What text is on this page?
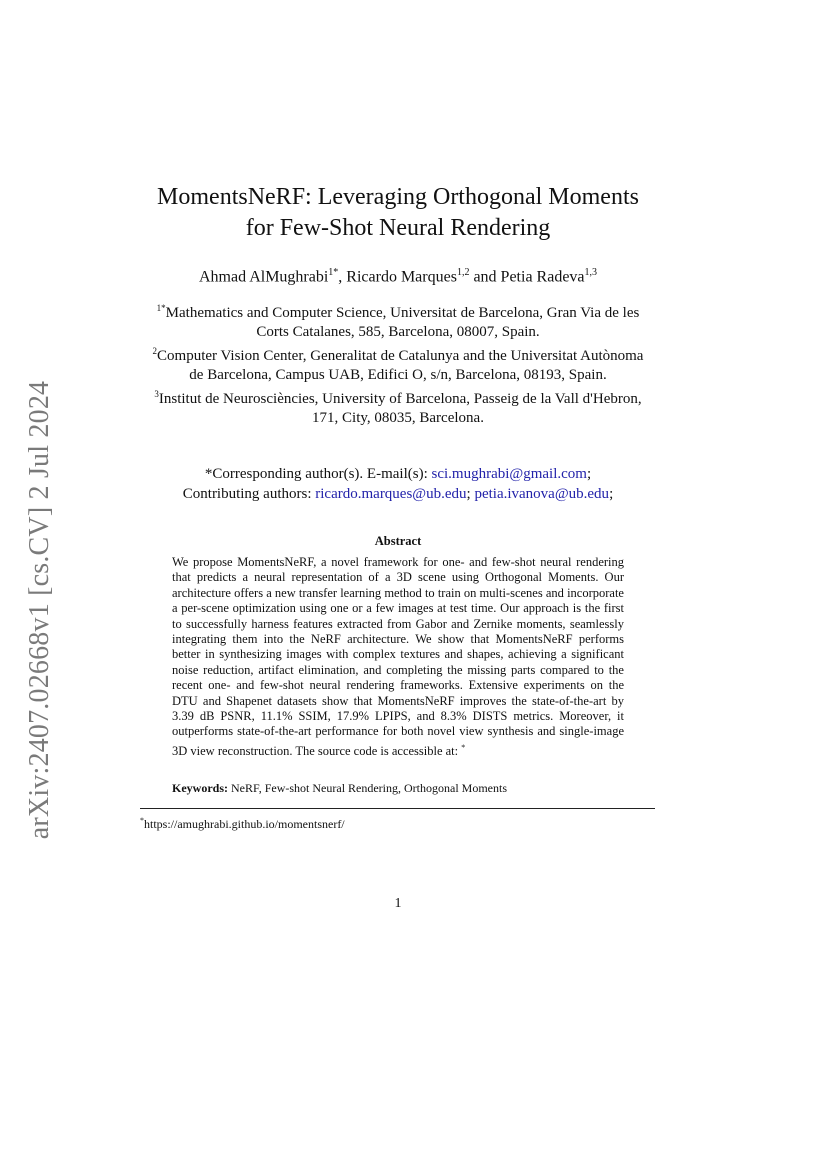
arXiv:2407.02668v1 [cs.CV] 2 Jul 2024
MomentsNeRF: Leveraging Orthogonal Moments
for Few-Shot Neural Rendering
Ahmad AlMughrabi$^{1*}$, Ricardo Marques$^{1,2}$ and Petia Radeva$^{1,3}$

$^{1*}$Mathematics and Computer Science, Universitat de Barcelona, Gran Via de les Corts Catalanes, 585, Barcelona, 08007, Spain.

$^2$Computer Vision Center, Generalitat de Catalunya and the Universitat Autònoma de Barcelona, Campus UAB, Edifici O, s/n, Barcelona, 08193, Spain.

$^3$Institut de Neurosciències, University of Barcelona, Passeig de la Vall d'Hebron, 171, City, 08035, Barcelona.

*Corresponding author(s). E-mail(s): sci.mughrabi@gmail.com;
Contributing authors: ricardo.marques@ub.edu; petia.ivanova@ub.edu;
Abstract
We propose MomentsNeRF, a novel framework for one- and few-shot neural rendering that predicts a neural representation of a 3D scene using Orthogonal Moments. Our architecture offers a new transfer learning method to train on multi-scenes and incorporate a per-scene optimization using one or a few images at test time. Our approach is the first to successfully harness features extracted from Gabor and Zernike moments, seamlessly integrating them into the NeRF architecture. We show that MomentsNeRF performs better in synthesizing images with complex textures and shapes, achieving a significant noise reduction, artifact elimination, and completing the missing parts compared to the recent one- and few-shot neural rendering frameworks. Extensive experiments on the DTU and Shapenet datasets show that MomentsNeRF improves the state-of-the-art by 3.39 dB PSNR, 11.1% SSIM, 17.9% LPIPS, and 8.3% DISTS metrics. Moreover, it outperforms state-of-the-art performance for both novel view synthesis and single-image 3D view reconstruction. The source code is accessible at: *
Keywords: NeRF, Few-shot Neural Rendering, Orthogonal Moments
*https://amughrabi.github.io/momentsnerf/
1
